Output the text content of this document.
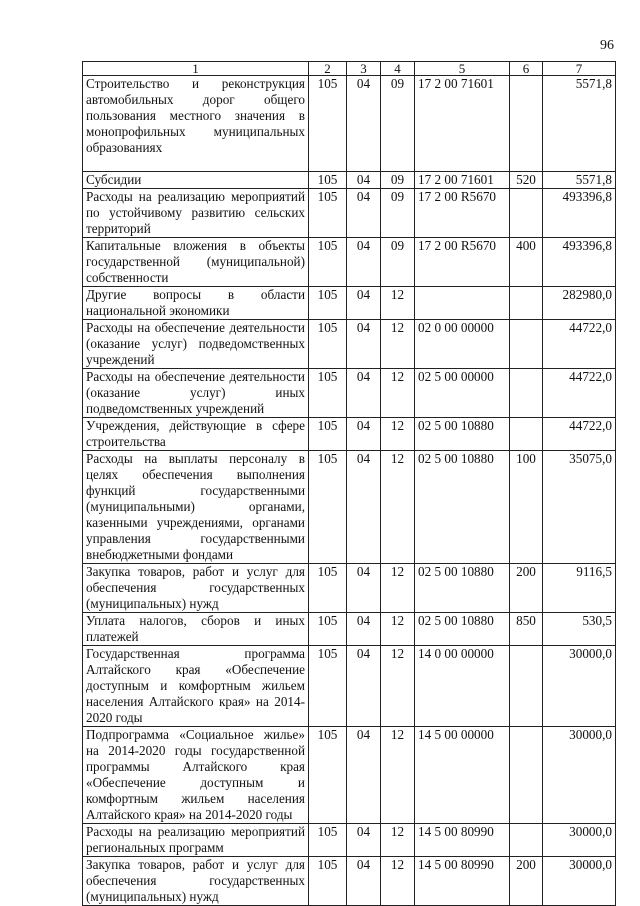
96
1	2	3	4	5	6	7
Строительство и реконструкция автомобильных дорог общего пользования местного значения в монопрофильных муниципальных образованиях	105	04	09	17 2 00 71601		5571,8
Субсидии	105	04	09	17 2 00 71601	520	5571,8
Расходы на реализацию мероприятий по устойчивому развитию сельских территорий	105	04	09	17 2 00 R5670		493396,8
Капитальные вложения в объекты государственной (муниципальной) собственности	105	04	09	17 2 00 R5670	400	493396,8
Другие вопросы в области национальной экономики	105	04	12			282980,0
Расходы на обеспечение деятельности (оказание услуг) подведомственных учреждений	105	04	12	02 0 00 00000		44722,0
Расходы на обеспечение деятельности (оказание услуг) иных подведомственных учреждений	105	04	12	02 5 00 00000		44722,0
Учреждения, действующие в сфере строительства	105	04	12	02 5 00 10880		44722,0
Расходы на выплаты персоналу в целях обеспечения выполнения функций государственными (муниципальными) органами, казенными учреждениями, органами управления государственными внебюджетными фондами	105	04	12	02 5 00 10880	100	35075,0
Закупка товаров, работ и услуг для обеспечения государственных (муниципальных) нужд	105	04	12	02 5 00 10880	200	9116,5
Уплата налогов, сборов и иных платежей	105	04	12	02 5 00 10880	850	530,5
Государственная программа Алтайского края «Обеспечение доступным и комфортным жильем населения Алтайского края» на 2014-2020 годы	105	04	12	14 0 00 00000		30000,0
Подпрограмма «Социальное жилье» на 2014-2020 годы государственной программы Алтайского края «Обеспечение доступным и комфортным жильем населения Алтайского края» на 2014-2020 годы	105	04	12	14 5 00 00000		30000,0
Расходы на реализацию мероприятий региональных программ	105	04	12	14 5 00 80990		30000,0
Закупка товаров, работ и услуг для обеспечения государственных (муниципальных) нужд	105	04	12	14 5 00 80990	200	30000,0
